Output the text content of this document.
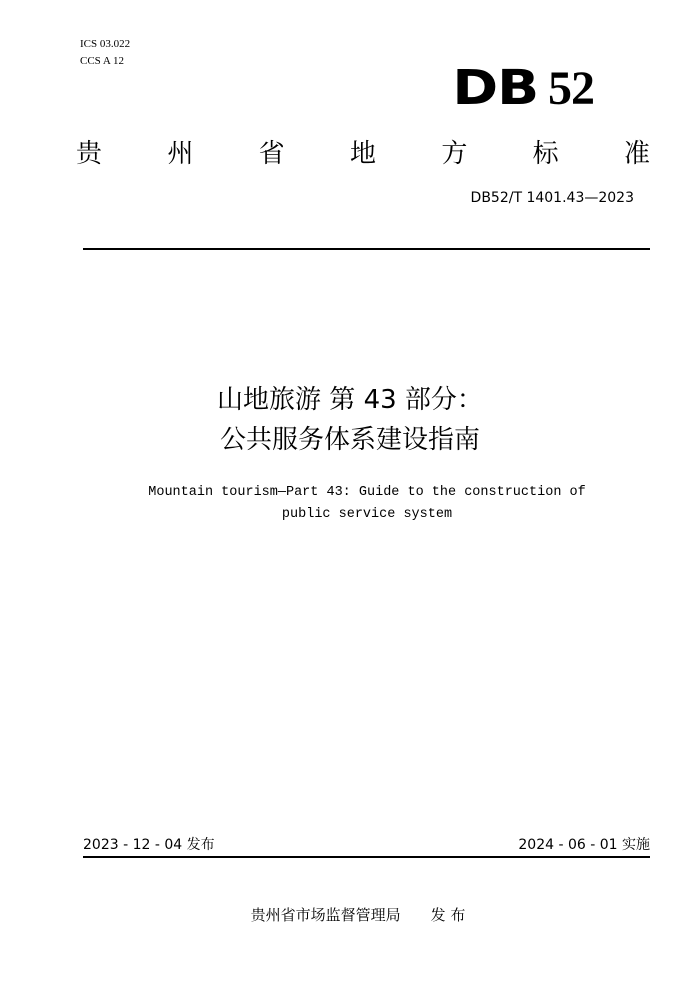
ICS 03.022
CCS A 12	DB 52
贵	州	省	地	方	标	准
DB52/T 1401.43—2023
山地旅游 第 43 部分：
公共服务体系建设指南
Mountain tourism—Part 43: Guide to the construction of
public service system
2023 - 12 - 04 发布	2024 - 06 - 01 实施
贵州省市场监督管理局 发 布
